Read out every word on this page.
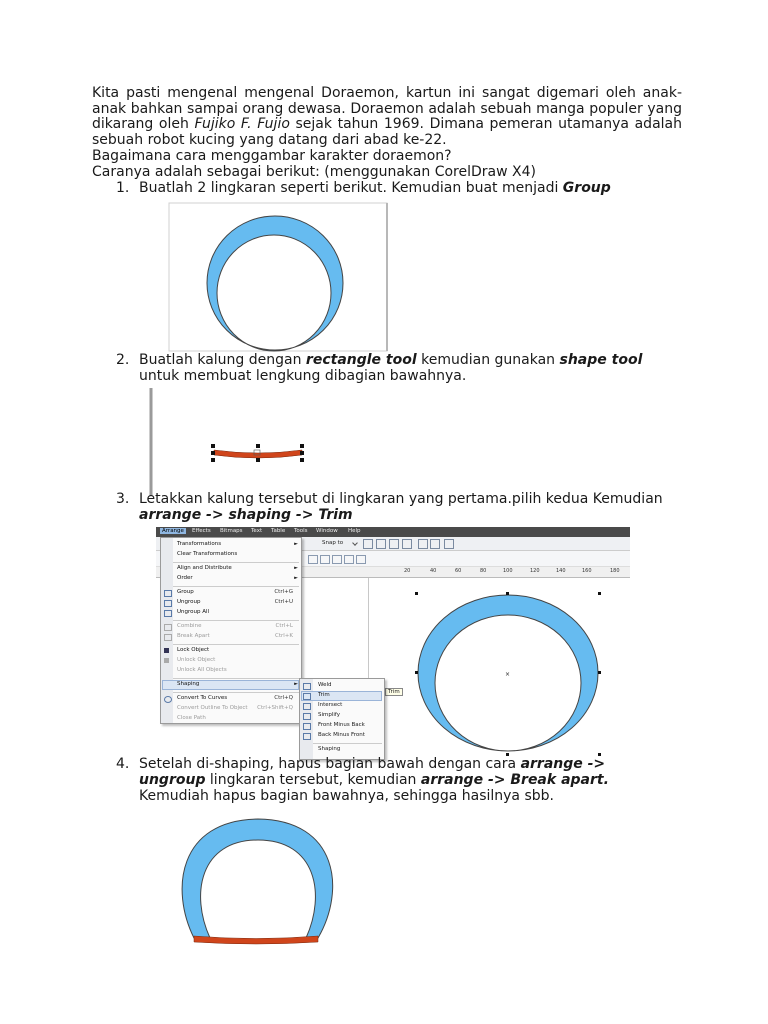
Kita pasti mengenal mengenal Doraemon, kartun ini sangat digemari oleh anak-anak bahkan sampai orang dewasa. Doraemon adalah sebuah manga populer yang dikarang oleh Fujiko F. Fujio sejak tahun 1969. Dimana pemeran utamanya adalah sebuah robot kucing yang datang dari abad ke-22.
Bagaimana cara menggambar karakter doraemon?
Caranya adalah sebagai berikut: (menggunakan CorelDraw X4)
1. Buatlah 2 lingkaran seperti berikut. Kemudian buat menjadi Group
2. Buatlah kalung dengan rectangle tool kemudian gunakan shape tool
untuk membuat lengkung dibagian bawahnya.
3. Letakkan kalung tersebut di lingkaran yang pertama.pilih kedua Kemudian
arrange -> shaping -> Trim
Arrange	Effects Bitmaps Text Table Tools Window Help
Snap to
20	40	60	80	100	120	140	160	180
×
Trim
Transformations	►
Clear Transformations
Align and Distribute	►
Order	►
Group	Ctrl+G
Ungroup	Ctrl+U
Ungroup All
Combine	Ctrl+L
Break Apart	Ctrl+K
Lock Object
Unlock Object
Unlock All Objects
Shaping	►
Convert To Curves	Ctrl+Q
Convert Outline To Object Ctrl+Shift+Q
Close Path
Weld
Trim
Intersect
Simplify
Front Minus Back
Back Minus Front
Shaping
4. Setelah di-shaping, hapus bagian bawah dengan cara arrange ->
ungroup lingkaran tersebut, kemudian arrange -> Break apart.
Kemudiah hapus bagian bawahnya, sehingga hasilnya sbb.
